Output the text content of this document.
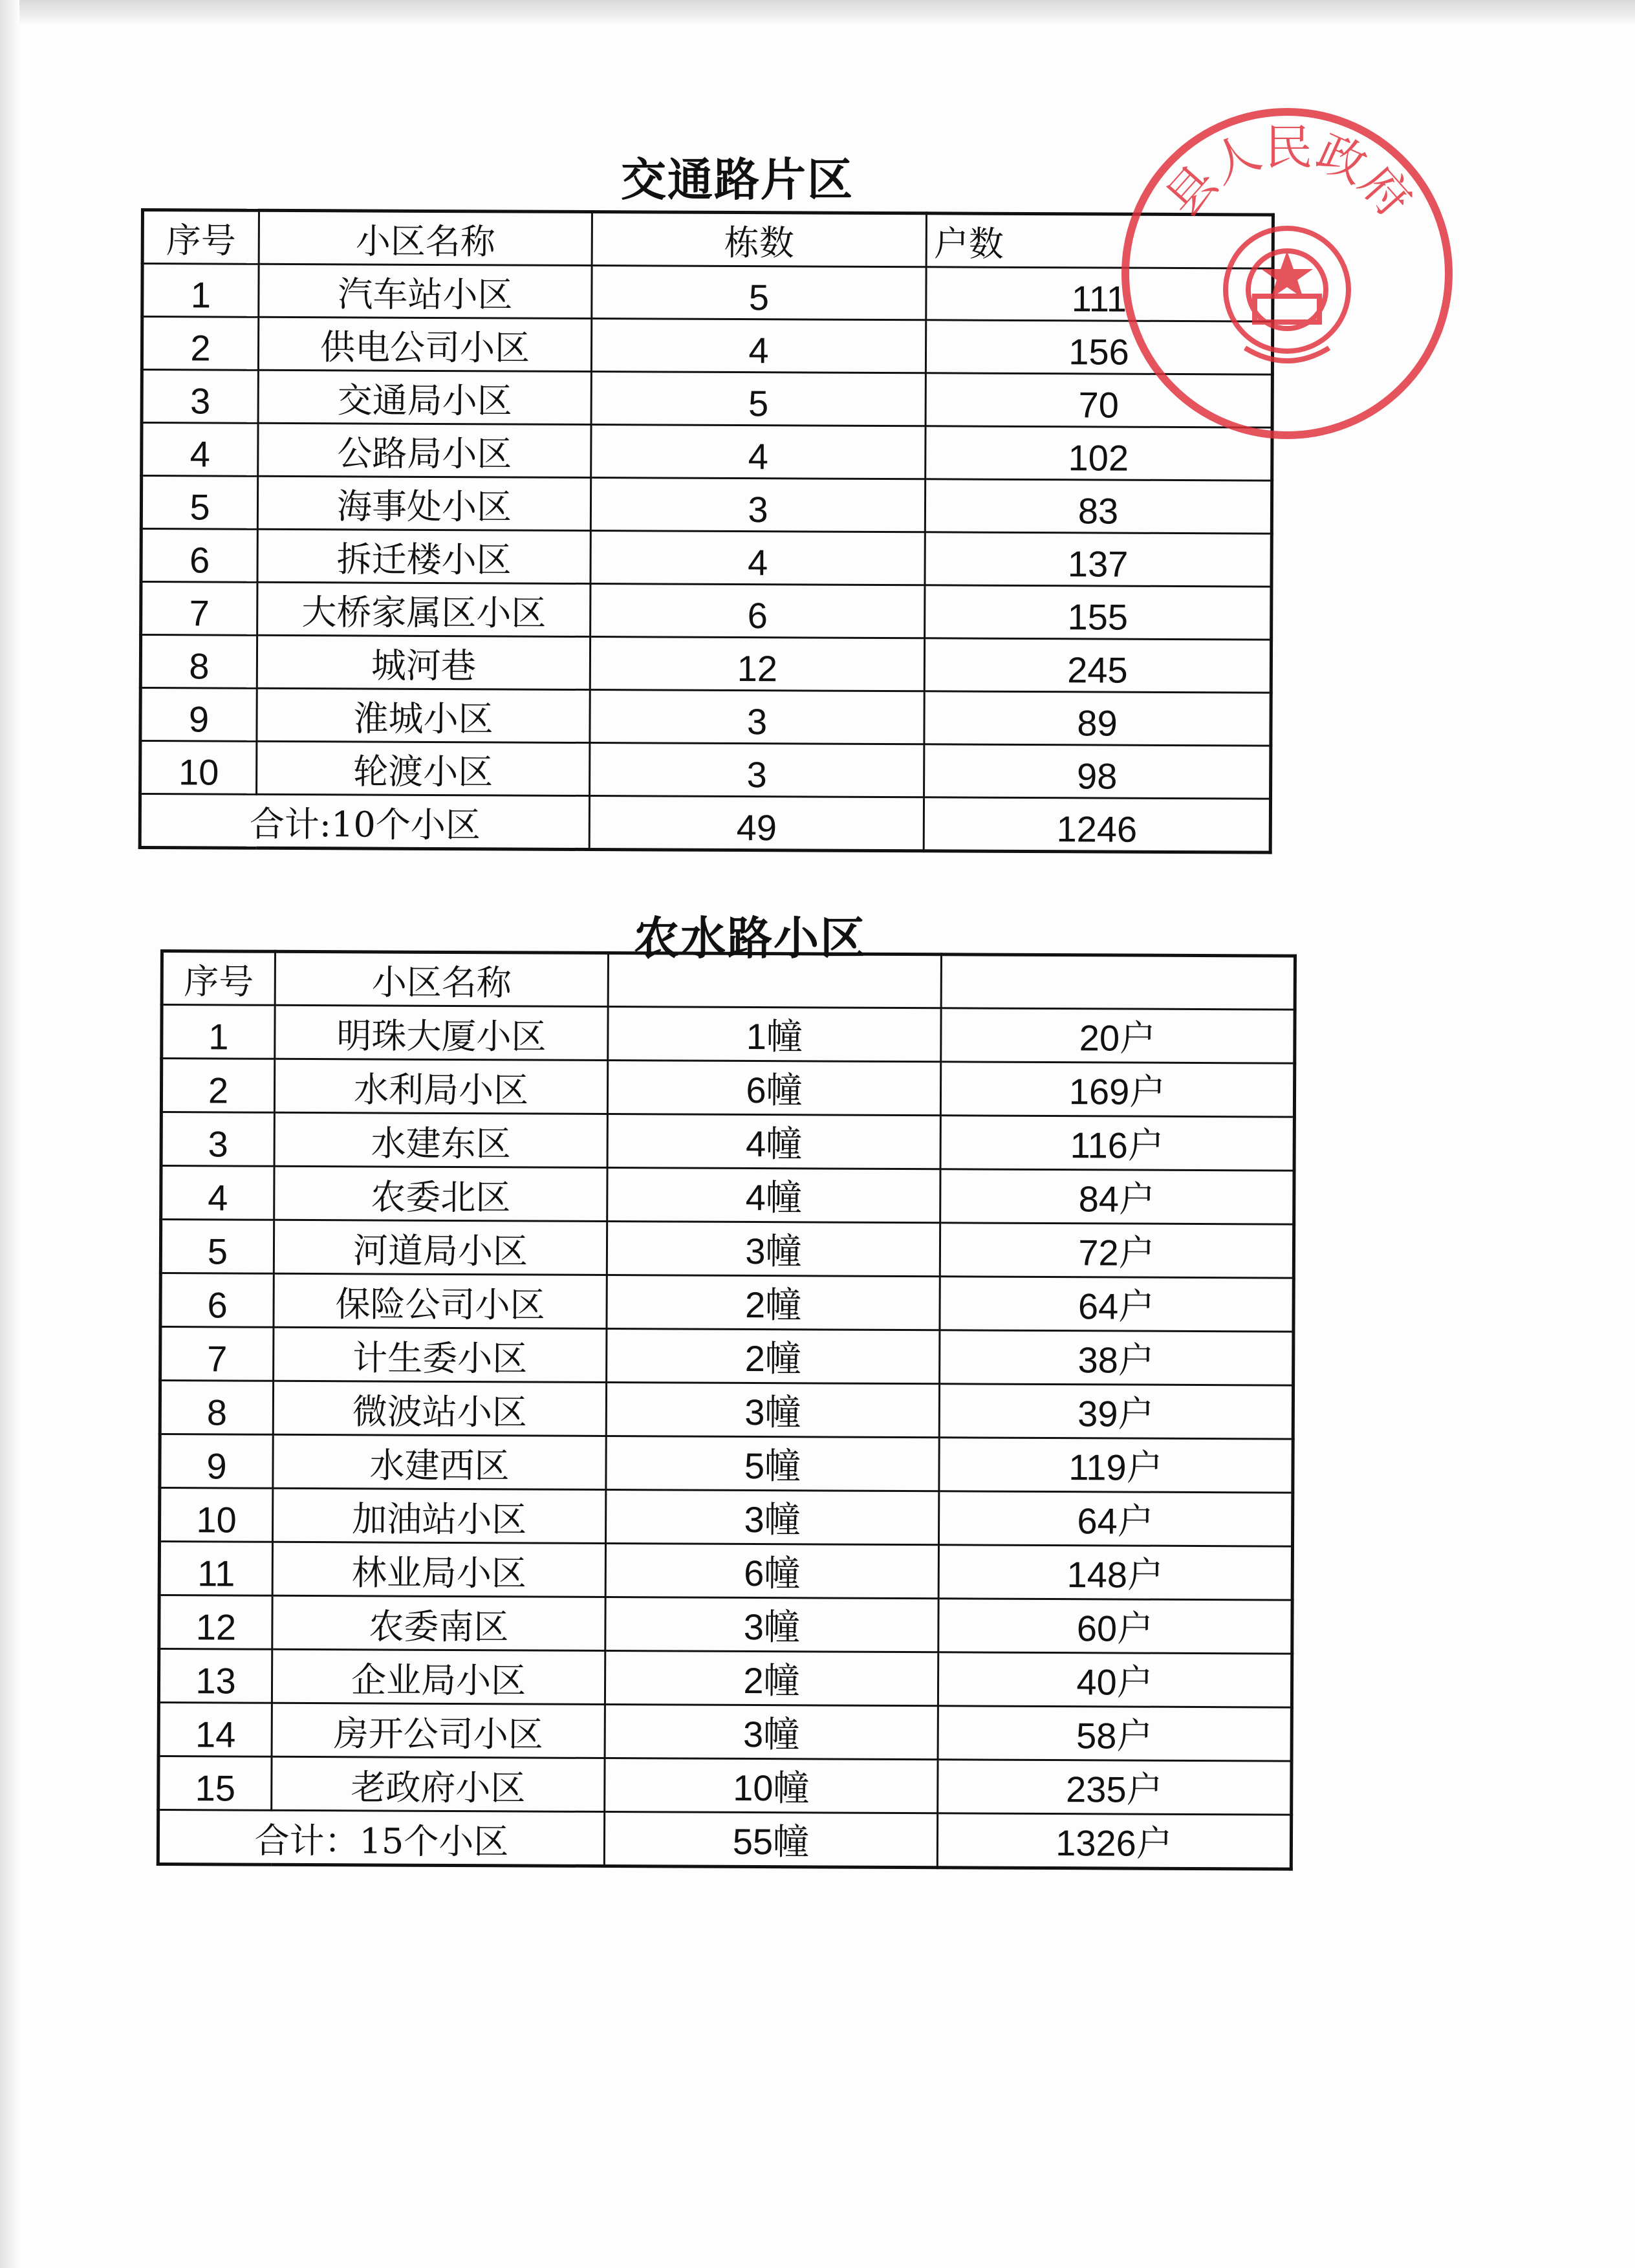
交通路片区
序号	小区名称	栋数	户数
1	汽车站小区	5	111
2	供电公司小区	4	156
3	交通局小区	5	70
4	公路局小区	4	102
5	海事处小区	3	83
6	拆迁楼小区	4	137
7	大桥家属区小区	6	155
8	城河巷	12	245
9	淮城小区	3	89
10	轮渡小区	3	98
合计:10个小区		49	1246
农水路小区
序号	小区名称		
1	明珠大厦小区	1幢	20户
2	水利局小区	6幢	169户
3	水建东区	4幢	116户
4	农委北区	4幢	84户
5	河道局小区	3幢	72户
6	保险公司小区	2幢	64户
7	计生委小区	2幢	38户
8	微波站小区	3幢	39户
9	水建西区	5幢	119户
10	加油站小区	3幢	64户
11	林业局小区	6幢	148户
12	农委南区	3幢	60户
13	企业局小区	2幢	40户
14	房开公司小区	3幢	58户
15	老政府小区	10幢	235户
合计：15个小区		55幢	1326户
县人民政府
